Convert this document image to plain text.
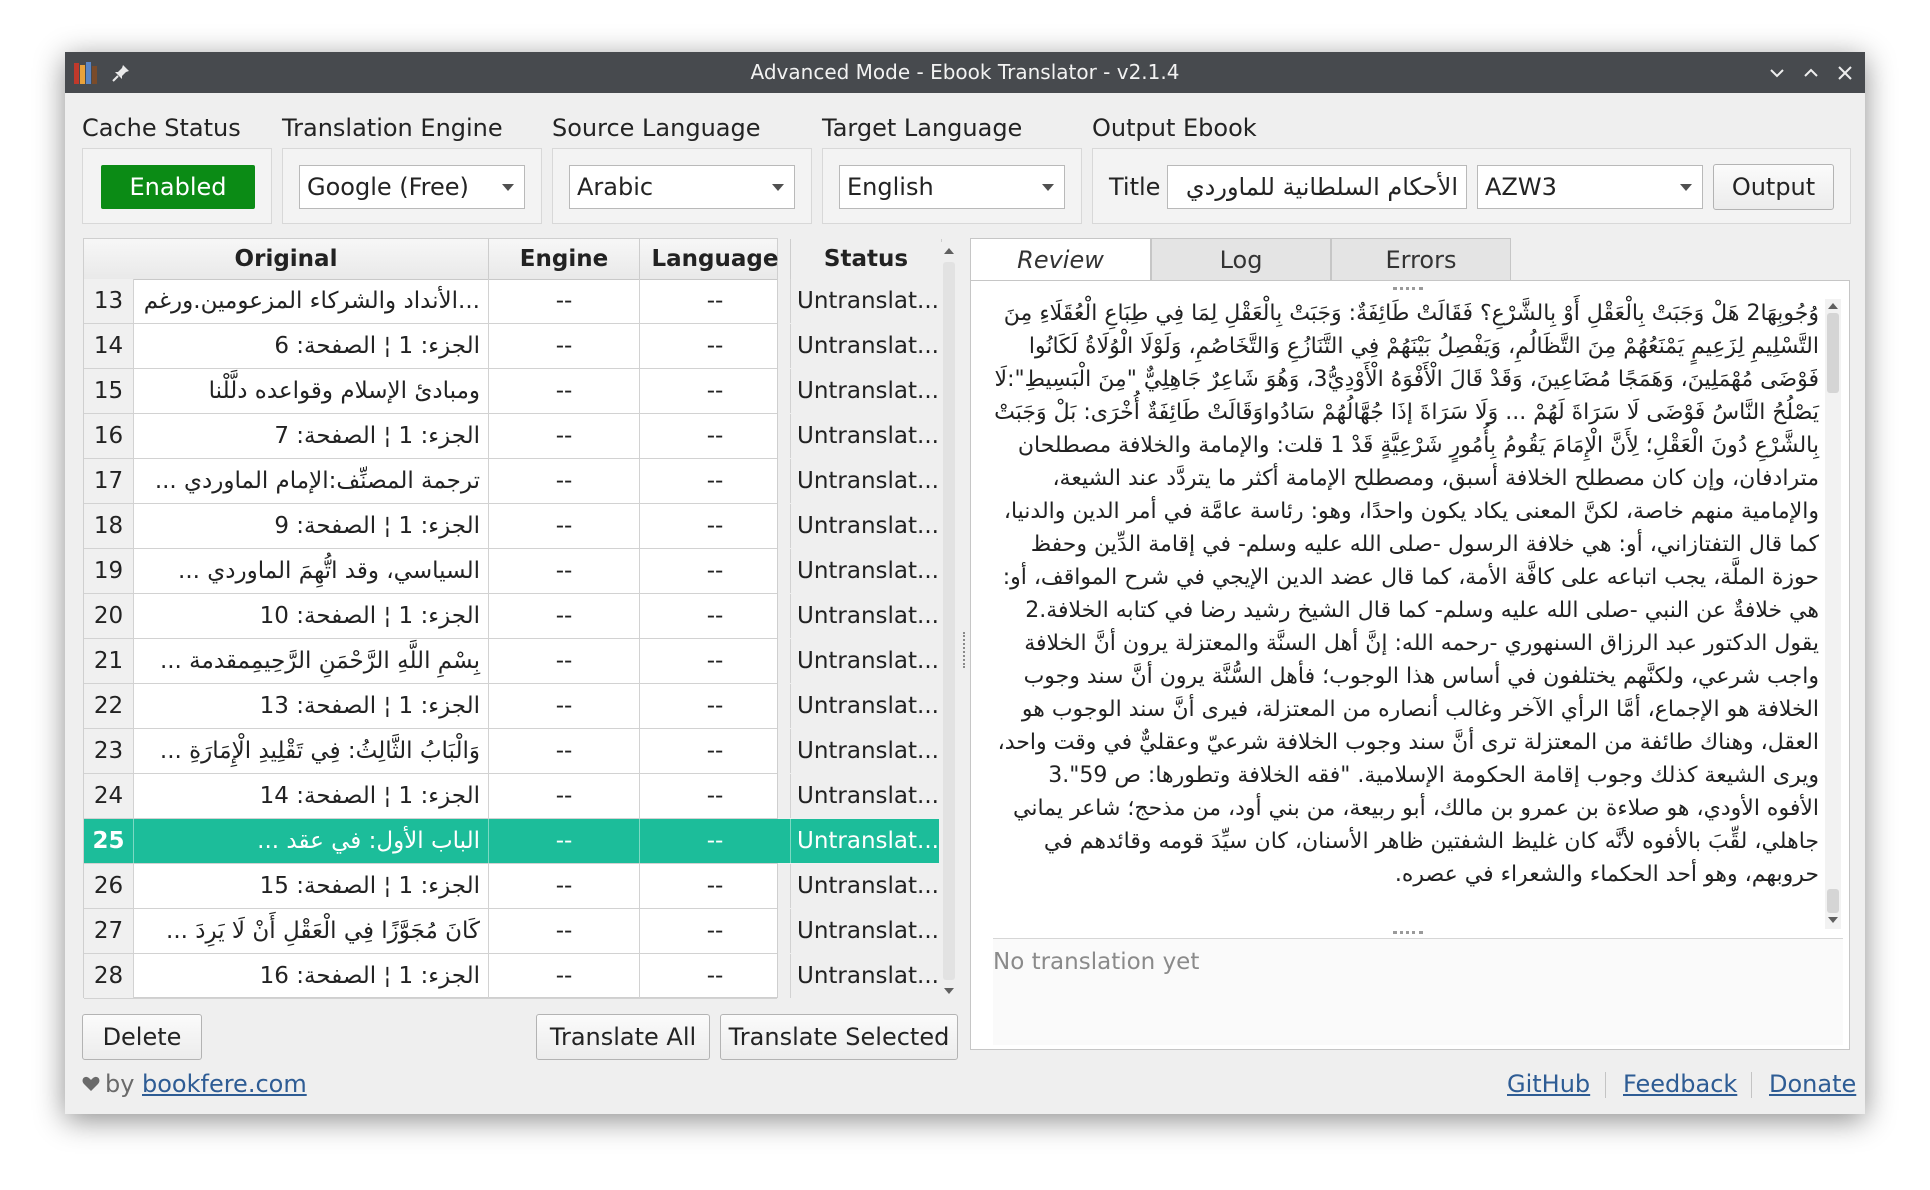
Advanced Mode - Ebook Translator - v2.1.4
Cache Status Translation Engine Source Language	Target Language	Output Ebook
Enabled	Google (Free)	Arabic	English	Title	الأحكام السلطانية للماوردي	AZW3	Output
Original	Engine	Language	Status
13 ...الأنداد والشركاء المزعومين.ورغم	--	--	Untranslat...
14	الجزء: 1 ¦ الصفحة: 6	--	--	Untranslat...
15	ومبادئ الإسلام وقواعده دلَّلْنا	--	--	Untranslat...
16	الجزء: 1 ¦ الصفحة: 7	--	--	Untranslat...
17	ترجمة المصنِّف:الإمام الماوردي ...	--	--	Untranslat...
18	الجزء: 1 ¦ الصفحة: 9	--	--	Untranslat...
19	السياسي، وقد اتُّهِمَ الماوردي ...	--	--	Untranslat...
20	الجزء: 1 ¦ الصفحة: 10	--	--	Untranslat...
21	بِسْمِ اللَّهِ الرَّحْمَنِ الرَّحِيمِمقدمة ...	--	--	Untranslat...
22	الجزء: 1 ¦ الصفحة: 13	--	--	Untranslat...
23	وَالْبَابُ الثَّالِثُ: فِي تَقْلِيدِ الْإِمَارَةِ ...	--	--	Untranslat...
24	الجزء: 1 ¦ الصفحة: 14	--	--	Untranslat...
25	الباب الأول: في عقد ...	--	--	Untranslat...
26	الجزء: 1 ¦ الصفحة: 15	--	--	Untranslat...
27	كَانَ مُجَوَّزًا فِي الْعَقْلِ أَنْ لَا يَرِدَ ...	--	--	Untranslat...
28	الجزء: 1 ¦ الصفحة: 16	--	--	Untranslat...
Delete	Translate All	Translate Selected
Review	Log	Errors
وُجُوبِهَا2 هَلْ وَجَبَتْ بِالْعَقْلِ أَوْ بِالشَّرْعِ؟ فَقَالَتْ طَائِفَةٌ: وَجَبَتْ بِالْعَقْلِ لِمَا فِي طِبَاعِ الْعُقَلَاءِ مِنَ التَّسْلِيمِ لِزَعِيمٍ يَمْنَعُهُمْ مِنَ التَّظَالُمِ، وَيَفْصِلُ بَيْنَهُمْ فِي التَّنَازُعِ وَالتَّخَاصُمِ، وَلَوْلَا الْوُلَاةُ لَكَانُوا فَوْضَى مُهْمَلِينَ، وَهَمَجًا مُضَاعِينَ، وَقَدْ قَالَ الْأَفْوَهُ الْأَوْدِيُّ3، وَهُوَ شَاعِرٌ جَاهِلِيٌّ "مِنَ الْبَسِيطِ":لَا يَصْلُحُ النَّاسُ فَوْضَى لَا سَرَاةَ لَهُمْ ... وَلَا سَرَاةَ إذَا جُهَّالُهُمْ سَادُواوَقَالَتْ طَائِفَةٌ أُخْرَى: بَلْ وَجَبَتْ بِالشَّرْعِ دُونَ الْعَقْلِ؛ لِأَنَّ الْإِمَامَ يَقُومُ بِأُمُورٍ شَرْعِيَّةٍ قَدْ 1 قلت: والإمامة والخلافة مصطلحان مترادفان، وإن كان مصطلح الخلافة أسبق، ومصطلح الإمامة أكثر ما يتردَّد عند الشيعة، والإمامية منهم خاصة، لكنَّ المعنى يكاد يكون واحدًا، وهو: رئاسة عامَّة في أمر الدين والدنيا، كما قال التفتازاني، أو: هي خلافة الرسول -صلى الله عليه وسلم- في إقامة الدِّين وحفظ حوزة الملَّة، يجب اتباعه على كافَّة الأمة، كما قال عضد الدين الإيجي في شرح المواقف، أو: هي خلافةٌ عن النبي -صلى الله عليه وسلم- كما قال الشيخ رشيد رضا في كتابه الخلافة.2 يقول الدكتور عبد الرزاق السنهوري -رحمه الله: إنَّ أهل السنَّة والمعتزلة يرون أنَّ الخلافة واجب شرعي، ولكنَّهم يختلفون في أساس هذا الوجوب؛ فأهل السُّنَّة يرون أنَّ سند وجوب الخلافة هو الإجماع، أمَّا الرأي الآخر وغالب أنصاره من المعتزلة، فيرى أنَّ سند الوجوب هو العقل، وهناك طائفة من المعتزلة ترى أنَّ سند وجوب الخلافة شرعيّ وعقليٌّ في وقت واحد، ويرى الشيعة كذلك وجوب إقامة الحكومة الإسلامية. "فقه الخلافة وتطورها: ص 59".3 الأفوه الأودي، هو صلاءة بن عمرو بن مالك، أبو ربيعة، من بني أود، من مذحج؛ شاعر يماني جاهلي، لقِّبَ بالأفوه لأنَّه كان غليظ الشفتين ظاهر الأسنان، كان سيِّدَ قومه وقائدهم في حروبهم، وهو أحد الحكماء والشعراء في عصره.
No translation yet
by bookfere.com	GitHub Feedback Donate
